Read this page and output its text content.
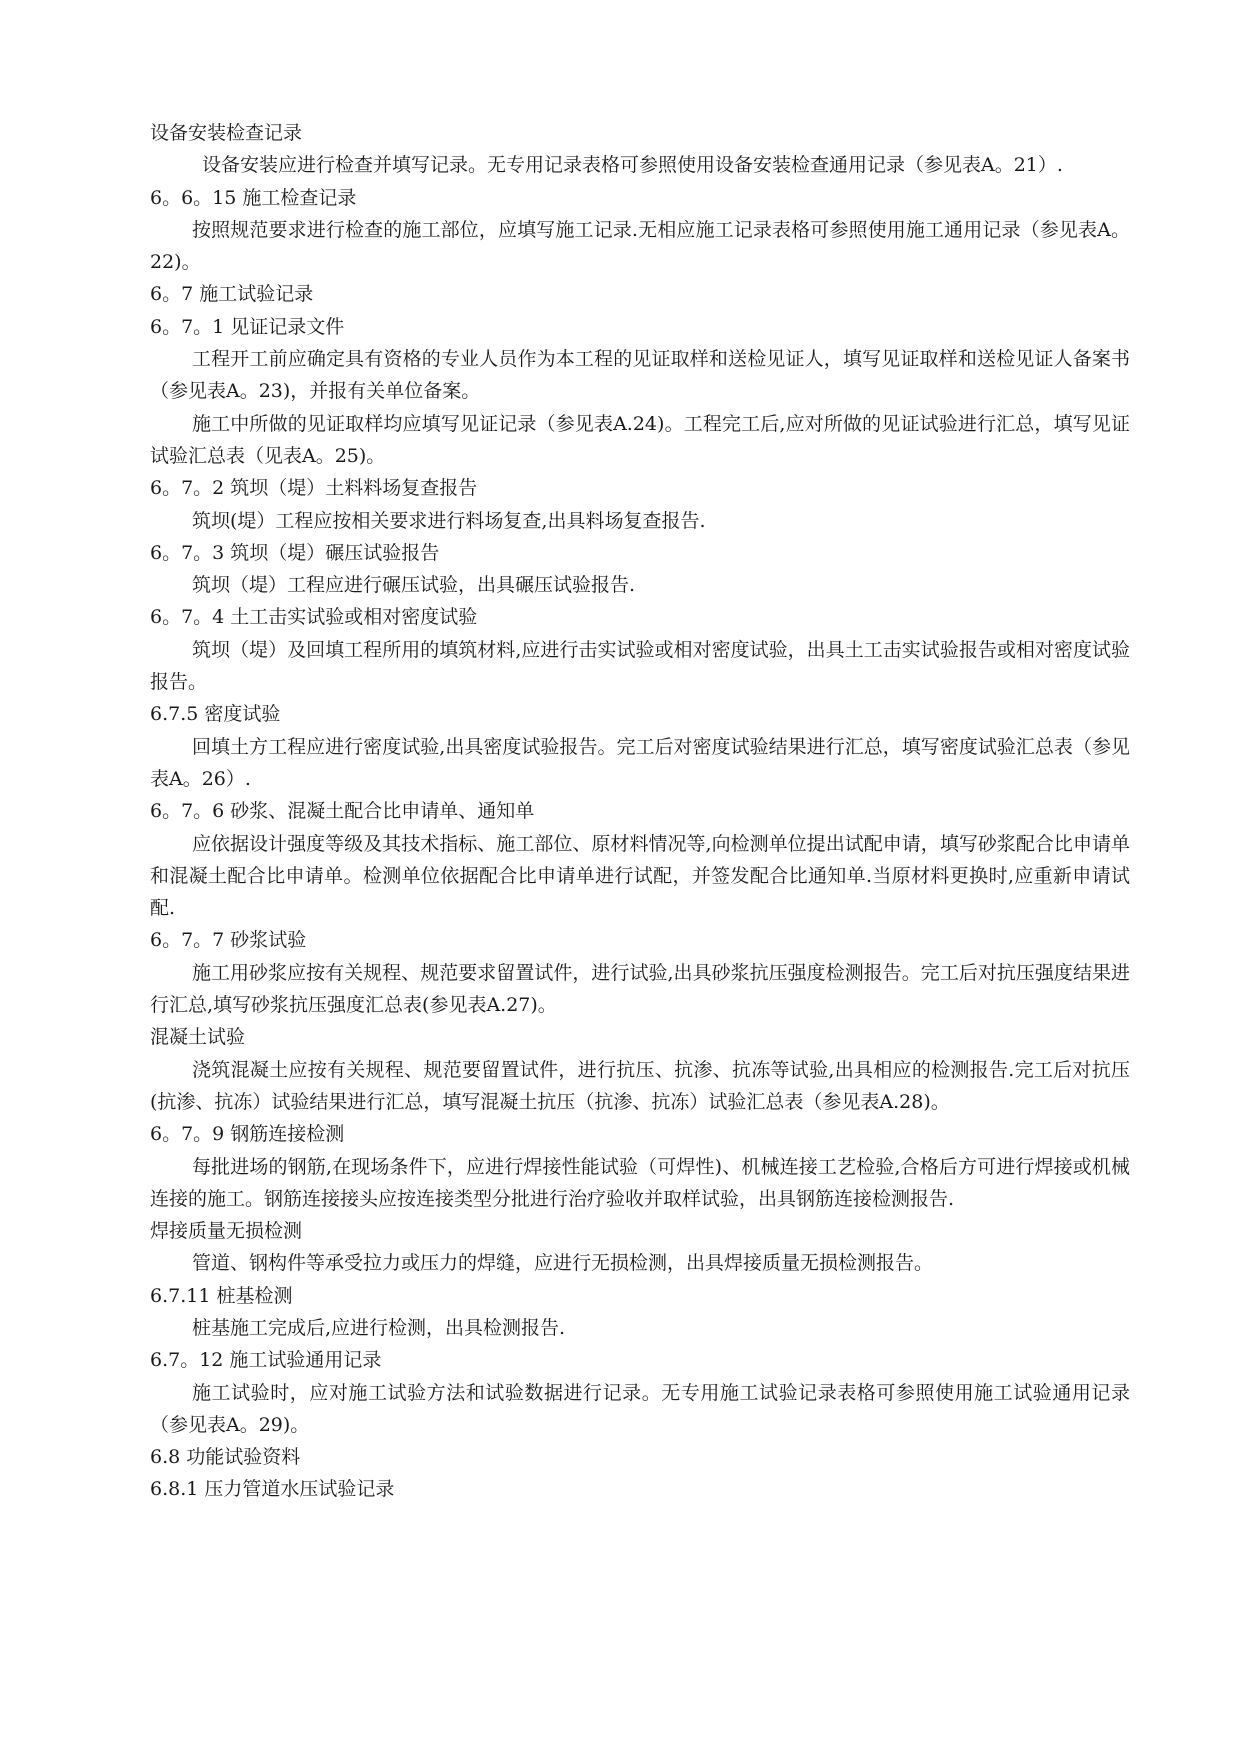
设备安装检查记录

设备安装应进行检查并填写记录。无专用记录表格可参照使用设备安装检查通用记录（参见表A。21）.

6。6。15 施工检查记录

按照规范要求进行检查的施工部位，应填写施工记录.无相应施工记录表格可参照使用施工通用记录（参见表A。22)。

6。7 施工试验记录

6。7。1 见证记录文件

工程开工前应确定具有资格的专业人员作为本工程的见证取样和送检见证人，填写见证取样和送检见证人备案书（参见表A。23)，并报有关单位备案。

施工中所做的见证取样均应填写见证记录（参见表A.24)。工程完工后,应对所做的见证试验进行汇总，填写见证试验汇总表（见表A。25)。

6。7。2 筑坝（堤）土料料场复查报告

筑坝(堤）工程应按相关要求进行料场复查,出具料场复查报告.

6。7。3 筑坝（堤）碾压试验报告

筑坝（堤）工程应进行碾压试验，出具碾压试验报告.

6。7。4 土工击实试验或相对密度试验

筑坝（堤）及回填工程所用的填筑材料,应进行击实试验或相对密度试验，出具土工击实试验报告或相对密度试验报告。

6.7.5 密度试验

回填土方工程应进行密度试验,出具密度试验报告。完工后对密度试验结果进行汇总，填写密度试验汇总表（参见表A。26）.

6。7。6 砂浆、混凝土配合比申请单、通知单

应依据设计强度等级及其技术指标、施工部位、原材料情况等,向检测单位提出试配申请，填写砂浆配合比申请单和混凝土配合比申请单。检测单位依据配合比申请单进行试配，并签发配合比通知单.当原材料更换时,应重新申请试配.

6。7。7 砂浆试验

施工用砂浆应按有关规程、规范要求留置试件，进行试验,出具砂浆抗压强度检测报告。完工后对抗压强度结果进行汇总,填写砂浆抗压强度汇总表(参见表A.27)。

混凝土试验

浇筑混凝土应按有关规程、规范要留置试件，进行抗压、抗渗、抗冻等试验,出具相应的检测报告.完工后对抗压(抗渗、抗冻）试验结果进行汇总，填写混凝土抗压（抗渗、抗冻）试验汇总表（参见表A.28)。

6。7。9 钢筋连接检测

每批进场的钢筋,在现场条件下，应进行焊接性能试验（可焊性)、机械连接工艺检验,合格后方可进行焊接或机械连接的施工。钢筋连接接头应按连接类型分批进行治疗验收并取样试验，出具钢筋连接检测报告.

焊接质量无损检测

管道、钢构件等承受拉力或压力的焊缝，应进行无损检测，出具焊接质量无损检测报告。

6.7.11 桩基检测

桩基施工完成后,应进行检测，出具检测报告.

6.7。12 施工试验通用记录

施工试验时，应对施工试验方法和试验数据进行记录。无专用施工试验记录表格可参照使用施工试验通用记录（参见表A。29)。

6.8 功能试验资料

6.8.1 压力管道水压试验记录
